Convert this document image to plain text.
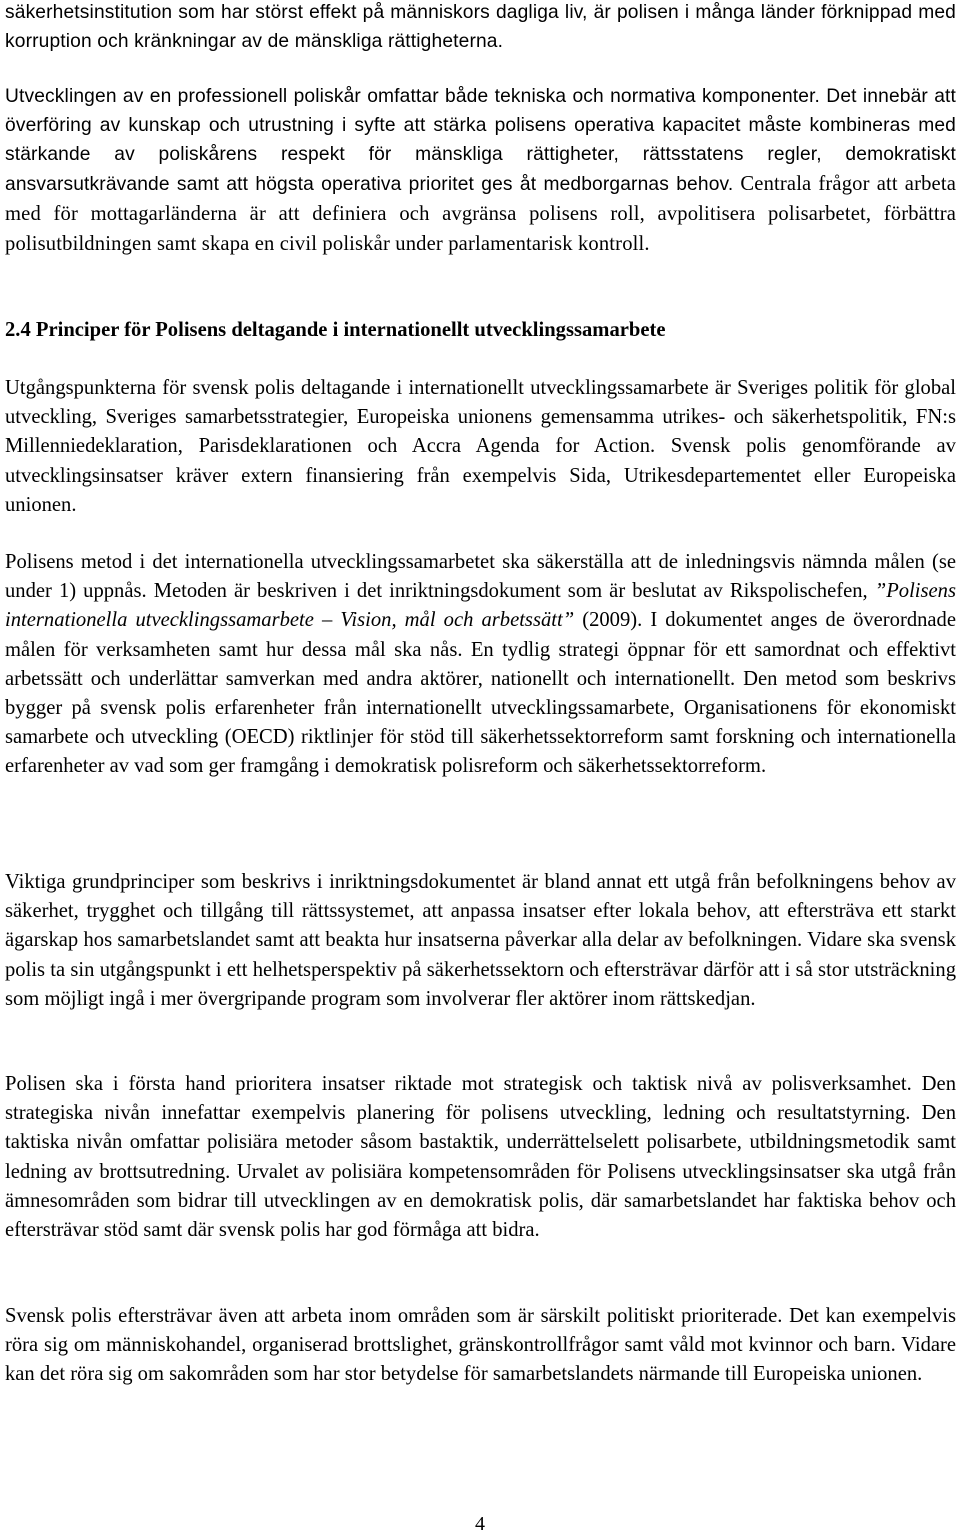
säkerhetsinstitution som har störst effekt på människors dagliga liv, är polisen i många länder förknippad med korruption och kränkningar av de mänskliga rättigheterna.

Utvecklingen av en professionell poliskår omfattar både tekniska och normativa komponenter. Det innebär att överföring av kunskap och utrustning i syfte att stärka polisens operativa kapacitet måste kombineras med stärkande av poliskårens respekt för mänskliga rättigheter, rättsstatens regler, demokratiskt ansvarsutkrävande samt att högsta operativa prioritet ges åt medborgarnas behov. Centrala frågor att arbeta med för mottagarländerna är att definiera och avgränsa polisens roll, avpolitisera polisarbetet, förbättra polisutbildningen samt skapa en civil poliskår under parlamentarisk kontroll.

2.4 Principer för Polisens deltagande i internationellt utvecklingssamarbete

Utgångspunkterna för svensk polis deltagande i internationellt utvecklingssamarbete är Sveriges politik för global utveckling, Sveriges samarbetsstrategier, Europeiska unionens gemensamma utrikes- och säkerhetspolitik, FN:s Millenniedeklaration, Parisdeklarationen och Accra Agenda for Action. Svensk polis genomförande av utvecklingsinsatser kräver extern finansiering från exempelvis Sida, Utrikesdepartementet eller Europeiska unionen.

Polisens metod i det internationella utvecklingssamarbetet ska säkerställa att de inledningsvis nämnda målen (se under 1) uppnås. Metoden är beskriven i det inriktningsdokument som är beslutat av Rikspolischefen, ”Polisens internationella utvecklingssamarbete – Vision, mål och arbetssätt” (2009). I dokumentet anges de överordnade målen för verksamheten samt hur dessa mål ska nås. En tydlig strategi öppnar för ett samordnat och effektivt arbetssätt och underlättar samverkan med andra aktörer, nationellt och internationellt. Den metod som beskrivs bygger på svensk polis erfarenheter från internationellt utvecklingssamarbete, Organisationens för ekonomiskt samarbete och utveckling (OECD) riktlinjer för stöd till säkerhetssektorreform samt forskning och internationella erfarenheter av vad som ger framgång i demokratisk polisreform och säkerhetssektorreform.

Viktiga grundprinciper som beskrivs i inriktningsdokumentet är bland annat ett utgå från befolkningens behov av säkerhet, trygghet och tillgång till rättssystemet, att anpassa insatser efter lokala behov, att eftersträva ett starkt ägarskap hos samarbetslandet samt att beakta hur insatserna påverkar alla delar av befolkningen. Vidare ska svensk polis ta sin utgångspunkt i ett helhetsperspektiv på säkerhetssektorn och eftersträvar därför att i så stor utsträckning som möjligt ingå i mer övergripande program som involverar fler aktörer inom rättskedjan.

Polisen ska i första hand prioritera insatser riktade mot strategisk och taktisk nivå av polisverksamhet. Den strategiska nivån innefattar exempelvis planering för polisens utveckling, ledning och resultatstyrning. Den taktiska nivån omfattar polisiära metoder såsom bastaktik, underrättelselett polisarbete, utbildningsmetodik samt ledning av brottsutredning. Urvalet av polisiära kompetensområden för Polisens utvecklingsinsatser ska utgå från ämnesområden som bidrar till utvecklingen av en demokratisk polis, där samarbetslandet har faktiska behov och eftersträvar stöd samt där svensk polis har god förmåga att bidra.

Svensk polis eftersträvar även att arbeta inom områden som är särskilt politiskt prioriterade. Det kan exempelvis röra sig om människohandel, organiserad brottslighet, gränskontrollfrågor samt våld mot kvinnor och barn. Vidare kan det röra sig om sakområden som har stor betydelse för samarbetslandets närmande till Europeiska unionen.

4
